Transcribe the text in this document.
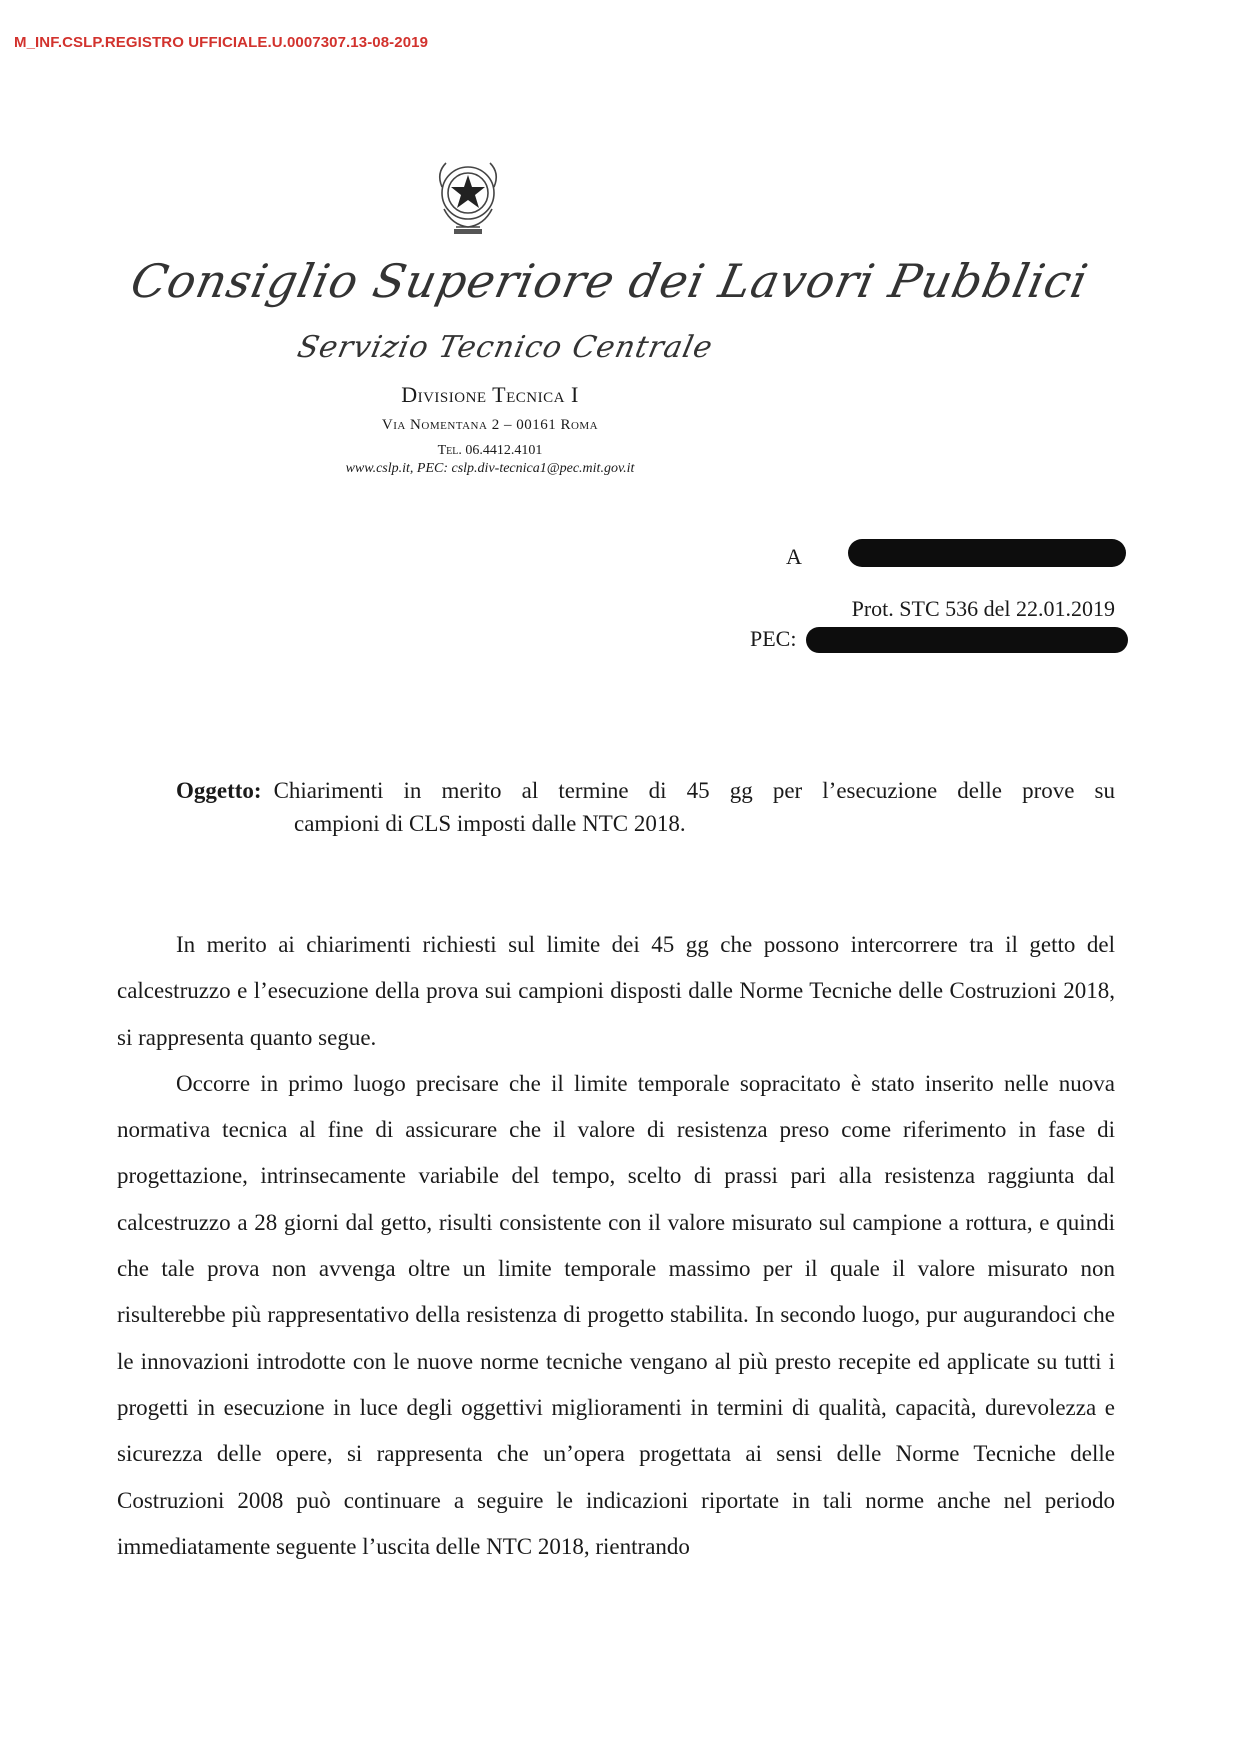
M_INF.CSLP.REGISTRO UFFICIALE.U.0007307.13-08-2019
Consiglio Superiore dei Lavori Pubblici
Servizio Tecnico Centrale
Divisione Tecnica I
Via Nomentana 2 – 00161 Roma
Tel. 06.4412.4101
www.cslp.it, PEC: cslp.div-tecnica1@pec.mit.gov.it
A
Prot. STC 536 del 22.01.2019
PEC:
Oggetto: Chiarimenti in merito al termine di 45 gg per l’esecuzione delle prove su
campioni di CLS imposti dalle NTC 2018.

In merito ai chiarimenti richiesti sul limite dei 45 gg che possono intercorrere tra il getto del calcestruzzo e l’esecuzione della prova sui campioni disposti dalle Norme Tecniche delle Costruzioni 2018, si rappresenta quanto segue.

Occorre in primo luogo precisare che il limite temporale sopracitato è stato inserito nelle nuova normativa tecnica al fine di assicurare che il valore di resistenza preso come riferimento in fase di progettazione, intrinsecamente variabile del tempo, scelto di prassi pari alla resistenza raggiunta dal calcestruzzo a 28 giorni dal getto, risulti consistente con il valore misurato sul campione a rottura, e quindi che tale prova non avvenga oltre un limite temporale massimo per il quale il valore misurato non risulterebbe più rappresentativo della resistenza di progetto stabilita. In secondo luogo, pur augurandoci che le innovazioni introdotte con le nuove norme tecniche vengano al più presto recepite ed applicate su tutti i progetti in esecuzione in luce degli oggettivi miglioramenti in termini di qualità, capacità, durevolezza e sicurezza delle opere, si rappresenta che un’opera progettata ai sensi delle Norme Tecniche delle Costruzioni 2008 può continuare a seguire le indicazioni riportate in tali norme anche nel periodo immediatamente seguente l’uscita delle NTC 2018, rientrando
